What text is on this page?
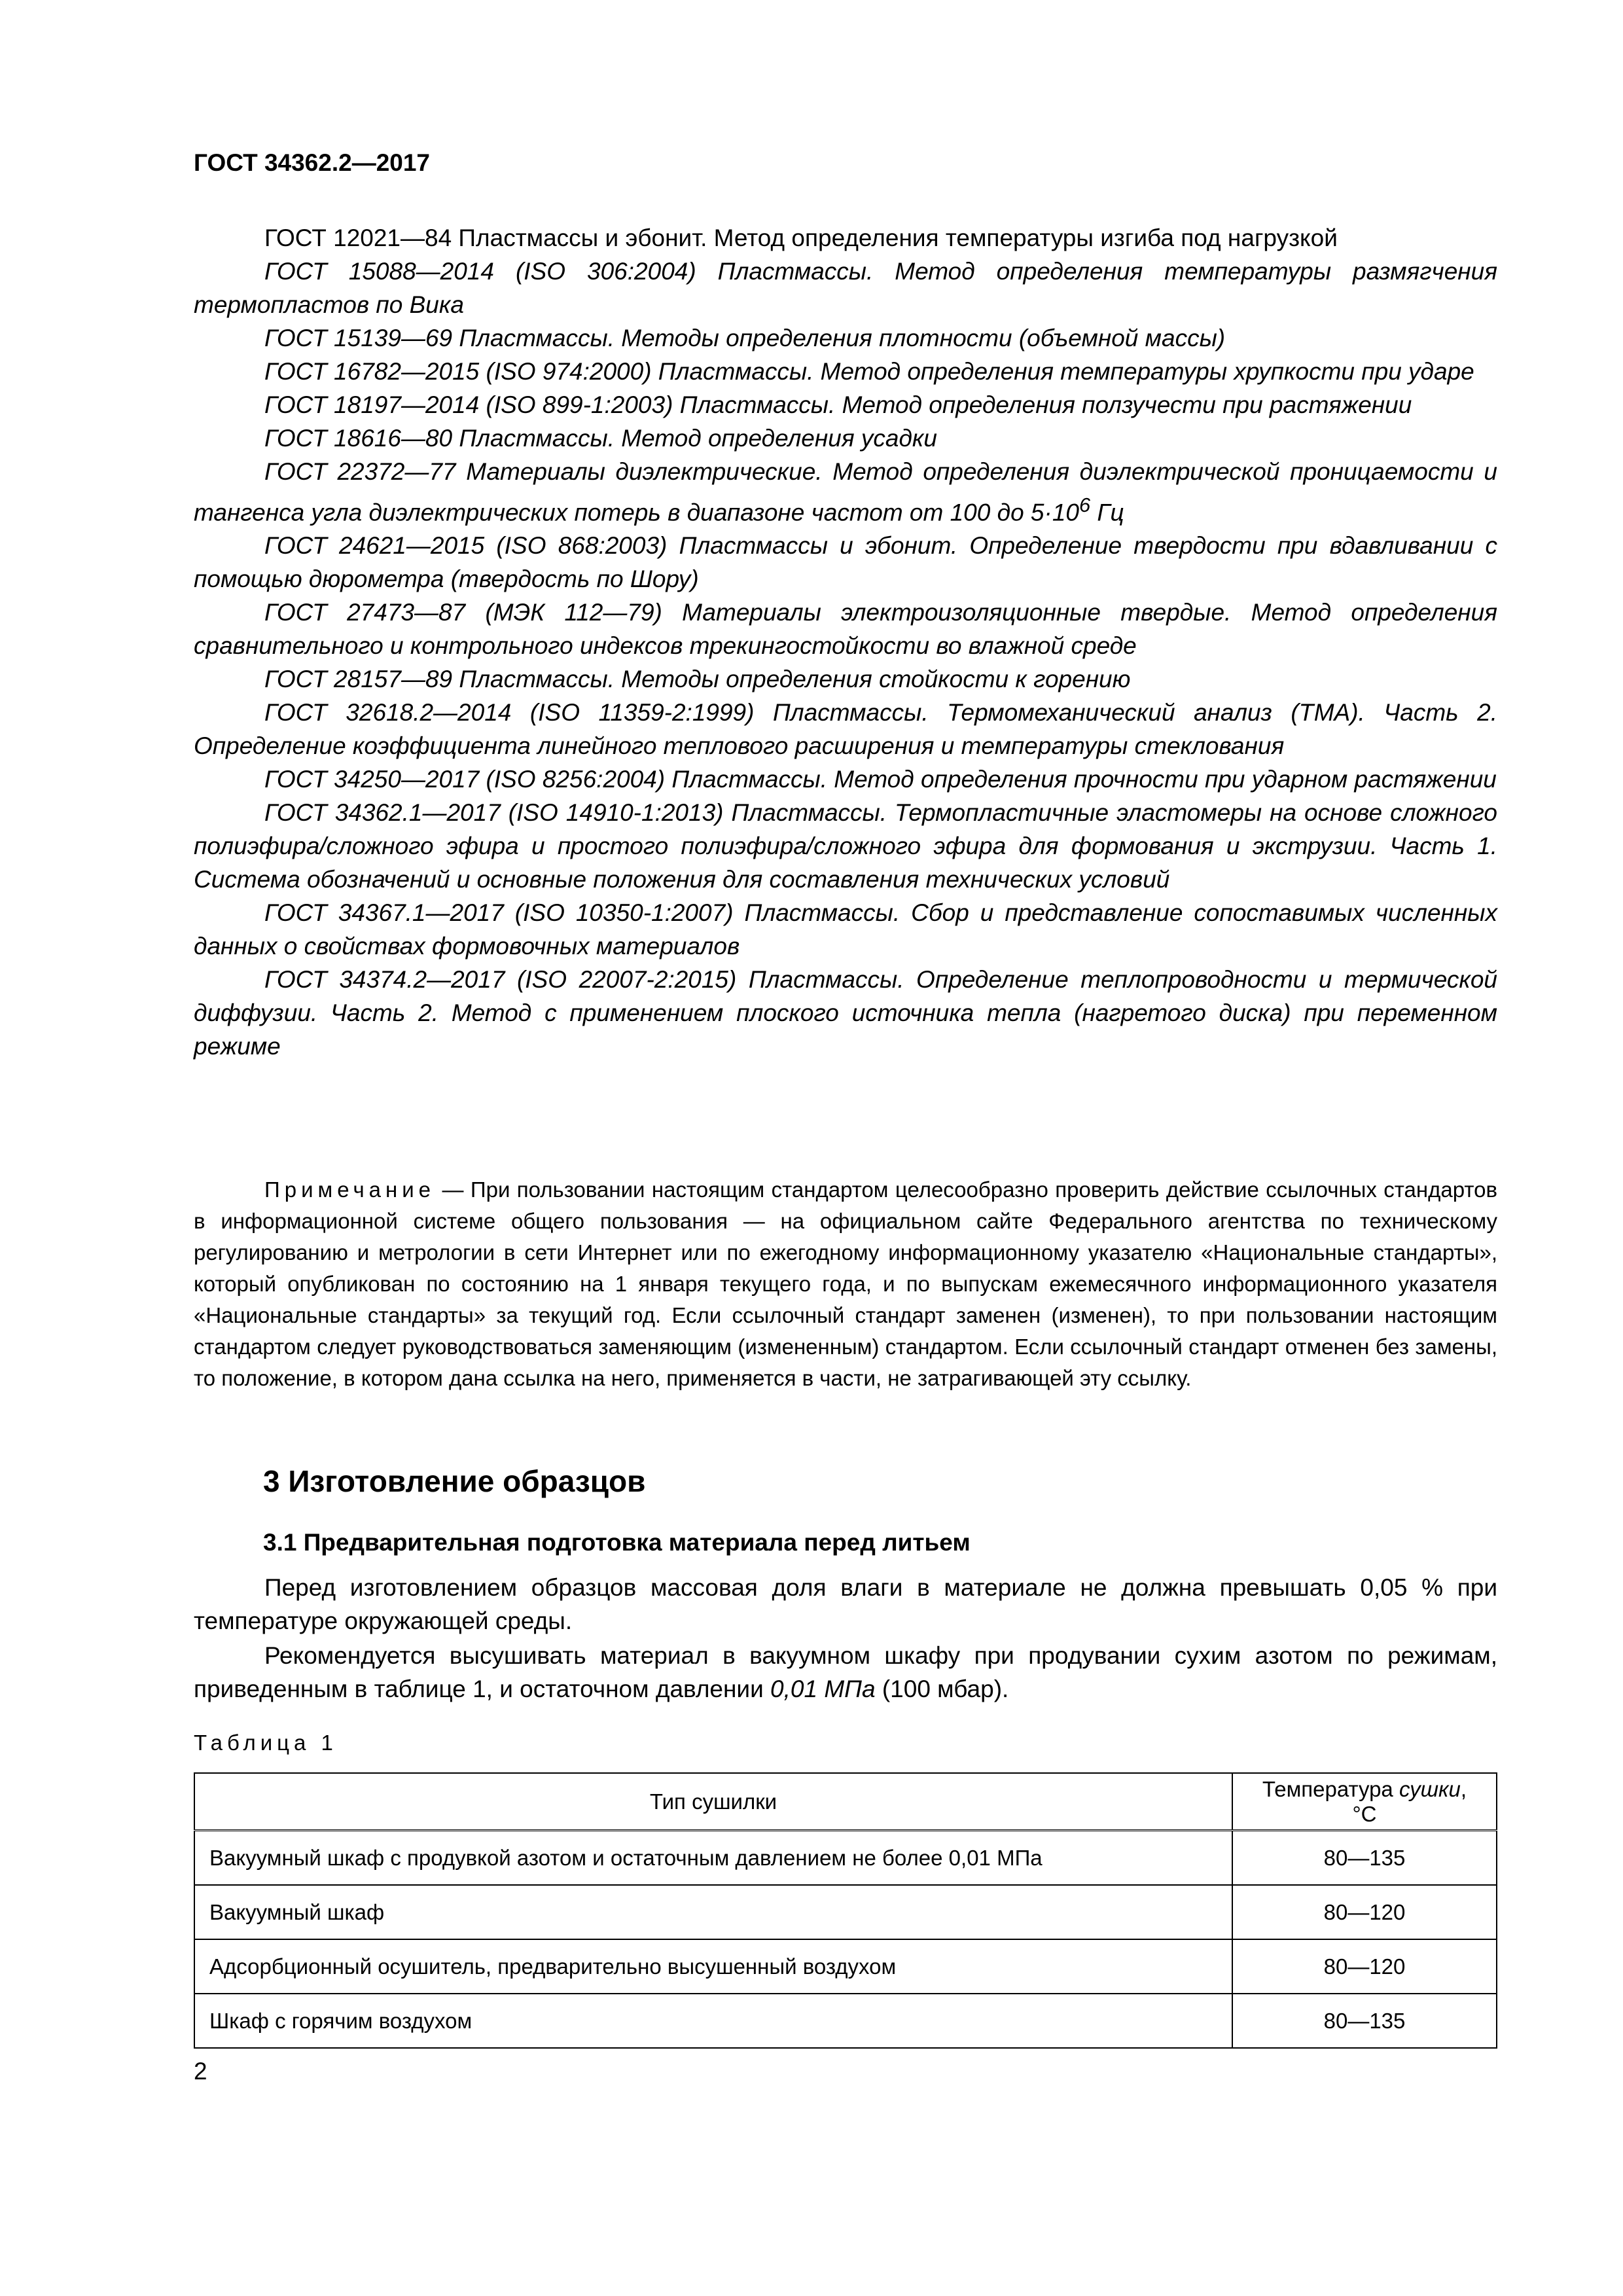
ГОСТ 34362.2—2017

ГОСТ 12021—84 Пластмассы и эбонит. Метод определения температуры изгиба под нагрузкой

ГОСТ 15088—2014 (ISO 306:2004) Пластмассы. Метод определения температуры размягчения термопластов по Вика

ГОСТ 15139—69 Пластмассы. Методы определения плотности (объемной массы)

ГОСТ 16782—2015 (ISO 974:2000) Пластмассы. Метод определения температуры хрупкости при ударе

ГОСТ 18197—2014 (ISO 899-1:2003) Пластмассы. Метод определения ползучести при растяжении

ГОСТ 18616—80 Пластмассы. Метод определения усадки

ГОСТ 22372—77 Материалы диэлектрические. Метод определения диэлектрической проницаемости и тангенса угла диэлектрических потерь в диапазоне частот от 100 до $5\cdot 10^6$ Гц

ГОСТ 24621—2015 (ISO 868:2003) Пластмассы и эбонит. Определение твердости при вдавливании с помощью дюрометра (твердость по Шору)

ГОСТ 27473—87 (МЭК 112—79) Материалы электроизоляционные твердые. Метод определения сравнительного и контрольного индексов трекингостойкости во влажной среде

ГОСТ 28157—89 Пластмассы. Методы определения стойкости к горению

ГОСТ 32618.2—2014 (ISO 11359-2:1999) Пластмассы. Термомеханический анализ (ТМА). Часть 2. Определение коэффициента линейного теплового расширения и температуры стеклования

ГОСТ 34250—2017 (ISO 8256:2004) Пластмассы. Метод определения прочности при ударном растяжении

ГОСТ 34362.1—2017 (ISO 14910-1:2013) Пластмассы. Термопластичные эластомеры на основе сложного полиэфира/сложного эфира и простого полиэфира/сложного эфира для формования и экструзии. Часть 1. Система обозначений и основные положения для составления технических условий

ГОСТ 34367.1—2017 (ISO 10350-1:2007) Пластмассы. Сбор и представление сопоставимых численных данных о свойствах формовочных материалов

ГОСТ 34374.2—2017 (ISO 22007-2:2015) Пластмассы. Определение теплопроводности и термической диффузии. Часть 2. Метод с применением плоского источника тепла (нагретого диска) при переменном режиме

Примечание — При пользовании настоящим стандартом целесообразно проверить действие ссылочных стандартов в информационной системе общего пользования — на официальном сайте Федерального агентства по техническому регулированию и метрологии в сети Интернет или по ежегодному информационному указателю «Национальные стандарты», который опубликован по состоянию на 1 января текущего года, и по выпускам ежемесячного информационного указателя «Национальные стандарты» за текущий год. Если ссылочный стандарт заменен (изменен), то при пользовании настоящим стандартом следует руководствоваться заменяющим (измененным) стандартом. Если ссылочный стандарт отменен без замены, то положение, в котором дана ссылка на него, применяется в части, не затрагивающей эту ссылку.

3 Изготовление образцов
3.1 Предварительная подготовка материала перед литьем

Перед изготовлением образцов массовая доля влаги в материале не должна превышать 0,05 % при температуре окружающей среды.

Рекомендуется высушивать материал в вакуумном шкафу при продувании сухим азотом по режимам, приведенным в таблице 1, и остаточном давлении 0,01 МПа (100 мбар).

Таблица 1

Тип сушилки	Температура сушки, °С
Вакуумный шкаф с продувкой азотом и остаточным давлением не более 0,01 МПа	80—135
Вакуумный шкаф	80—120
Адсорбционный осушитель, предварительно высушенный воздухом	80—120
Шкаф с горячим воздухом	80—135

2
